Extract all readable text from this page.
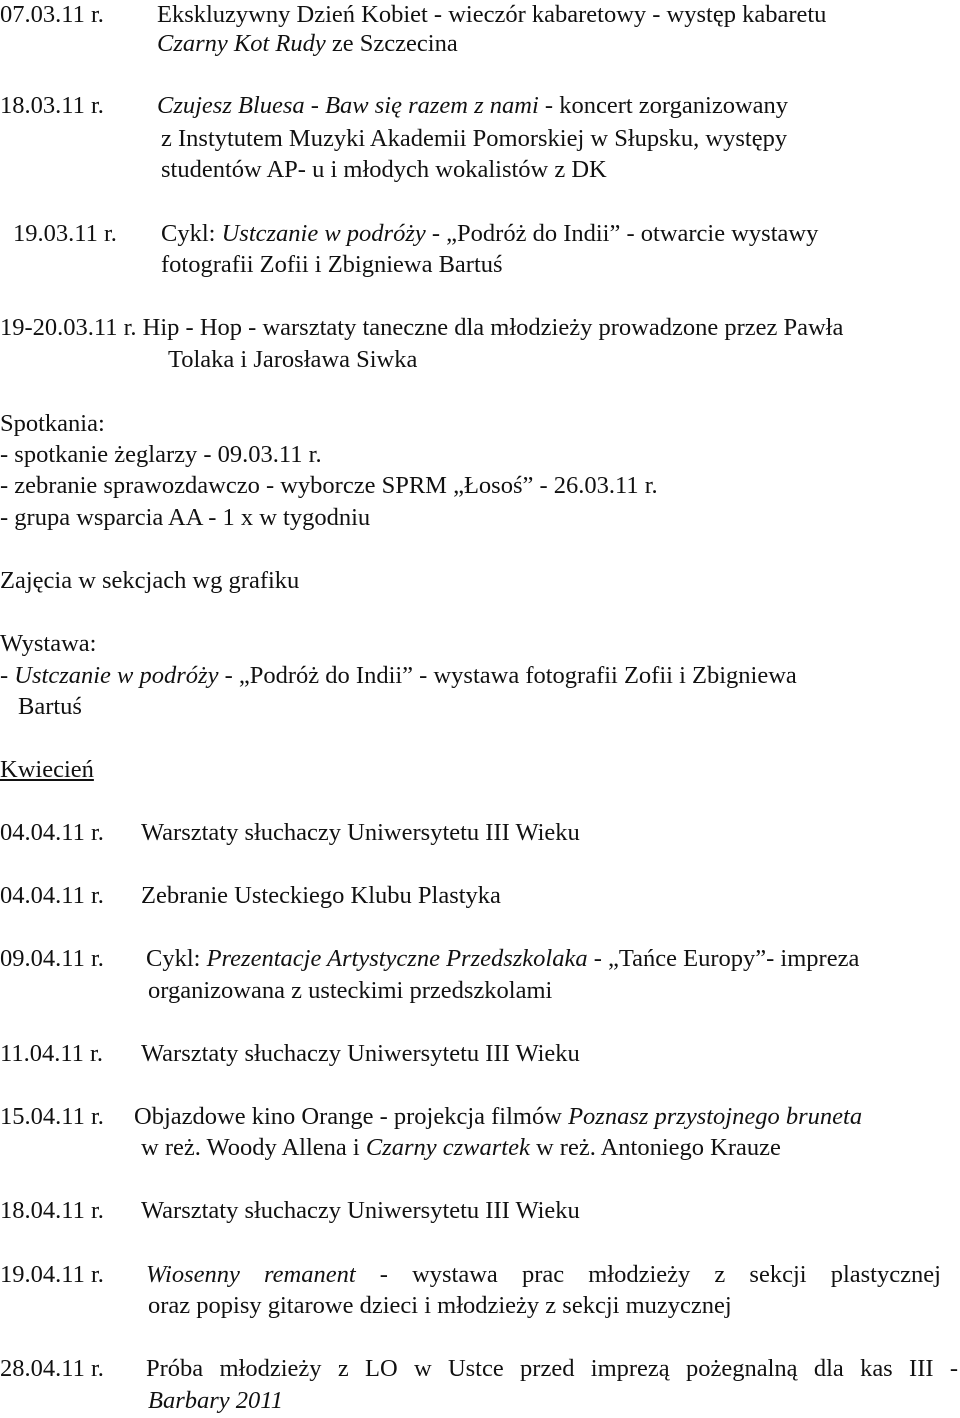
07.03.11 r. Ekskluzywny Dzień Kobiet - wieczór kabaretowy - występ kabaretu
Czarny Kot Rudy ze Szczecina
18.03.11 r. Czujesz Bluesa - Baw się razem z nami - koncert zorganizowany
z Instytutem Muzyki Akademii Pomorskiej w Słupsku, występy
studentów AP- u i młodych wokalistów z DK
19.03.11 r. Cykl: Ustczanie w podróży - „Podróż do Indii” - otwarcie wystawy
fotografii Zofii i Zbigniewa Bartuś
19-20.03.11 r. Hip - Hop - warsztaty taneczne dla młodzieży prowadzone przez Pawła
Tolaka i Jarosława Siwka
Spotkania:
- spotkanie żeglarzy - 09.03.11 r.
- zebranie sprawozdawczo - wyborcze SPRM „Łosoś” - 26.03.11 r.
- grupa wsparcia AA - 1 x w tygodniu
Zajęcia w sekcjach wg grafiku
Wystawa:
- Ustczanie w podróży - „Podróż do Indii” - wystawa fotografii Zofii i Zbigniewa
Bartuś
Kwiecień
04.04.11 r. Warsztaty słuchaczy Uniwersytetu III Wieku
04.04.11 r. Zebranie Usteckiego Klubu Plastyka
09.04.11 r. Cykl: Prezentacje Artystyczne Przedszkolaka - „Tańce Europy”- impreza
organizowana z usteckimi przedszkolami
11.04.11 r. Warsztaty słuchaczy Uniwersytetu III Wieku
15.04.11 r. Objazdowe kino Orange - projekcja filmów Poznasz przystojnego bruneta
w reż. Woody Allena i Czarny czwartek w reż. Antoniego Krauze
18.04.11 r. Warsztaty słuchaczy Uniwersytetu III Wieku
19.04.11 r. Wiosenny remanent - wystawa prac młodzieży z sekcji plastycznej
oraz popisy gitarowe dzieci i młodzieży z sekcji muzycznej
28.04.11 r. Próba młodzieży z LO w Ustce przed imprezą pożegnalną dla kas III -
Barbary 2011
